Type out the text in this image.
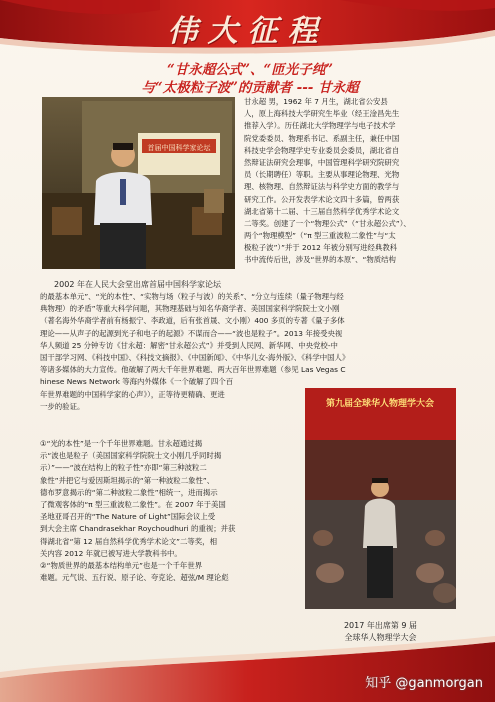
伟大征程
“甘永超公式”、“匝光子纯”
与“太极粒子波”的贡献者 --- 甘永超
首届中国科学家论坛
2002 年在人民大会堂出席首届中国科学家论坛
甘永超 男，1962 年 7 月生，湖北省公安县
人，原上海科技大学研究生毕业（经王淦昌先生
推荐入学）。历任湖北大学物理学与电子技术学
院党委委员、物理系书记、系副主任，兼任中国
科技史学会物理学史专业委员会委员，湖北省自
然辩证法研究会理事，中国管理科学研究院研究
员（长期聘任）等职。主要从事理论物理、光物
理、核物理、自然辩证法与科学史方面的教学与
研究工作。公开发表学术论文四十多篇，曾两获
湖北省第十二届、十三届自然科学优秀学术论文
二等奖。创建了一个“物理公式”（“甘永超公式”）、
两个“物理模型”（“π 型三重波粒二象性”与“太
极粒子波”）”并于 2012 年被分别写进经典教科
书中流传后世，涉及“世界的本原”、“物质结构
的最基本单元”、“光的本性”、“实物与场（粒子与波）的关系”、“分立与连续（量子物理与经
典物理）的矛盾”等重大科学问题，其物理基础与知名华裔学者、美国国家科学院院士文小刚
（著名海外华裔学者前有杨振宁、李政道，后有张首晟、文小刚）400 多页的专著《量子多体
理论——从声子的起源到光子和电子的起源》不谋而合——“波也是粒子”。2013 年接受央视
华人频道 25 分钟专访《甘永超：解密“甘永超公式”》并受到人民网、新华网、中央党校-中
国干部学习网、《科技中国》、《科技文摘报》、《中国新闻》、《中华儿女-海外版》、《科学中国人》
等诸多媒体的大力宣传。他破解了两大千年世界难题、两大百年世界难题（参见 Las Vegas C
hinese News Network 等海内外媒体《一个破解了四个百
年世界难题的中国科学家的心声》），正等待更精确、更进
一步的验证。
①“光的本性”是一个千年世界难题。甘永超通过揭
示“波也是粒子（美国国家科学院院士文小刚几乎同时揭
示）”——“波在结构上的粒子性”亦即“第三种波粒二
象性”并把它与爱因斯坦揭示的“第一种波粒二象性”、
德布罗意揭示的“第二种波粒二象性”相统一，进而揭示
了微观客体的“π 型三重波粒二象性”。在 2007 年于美国
圣地亚哥召开的“The Nature of Light”国际会议上受
到大会主席 Chandrasekhar Roychoudhuri 的重视；并获
得湖北省“第 12 届自然科学优秀学术论文”二等奖，相
关内容 2012 年就已被写进大学教科书中。
②“物质世界的最基本结构单元”也是一个千年世界
难题。元气说、五行说、原子论、夸克论、超弦/M 理论彪
第九届全球华人物理学大会
2017 年出席第 9 届
全球华人物理学大会
知乎 @ganmorgan
